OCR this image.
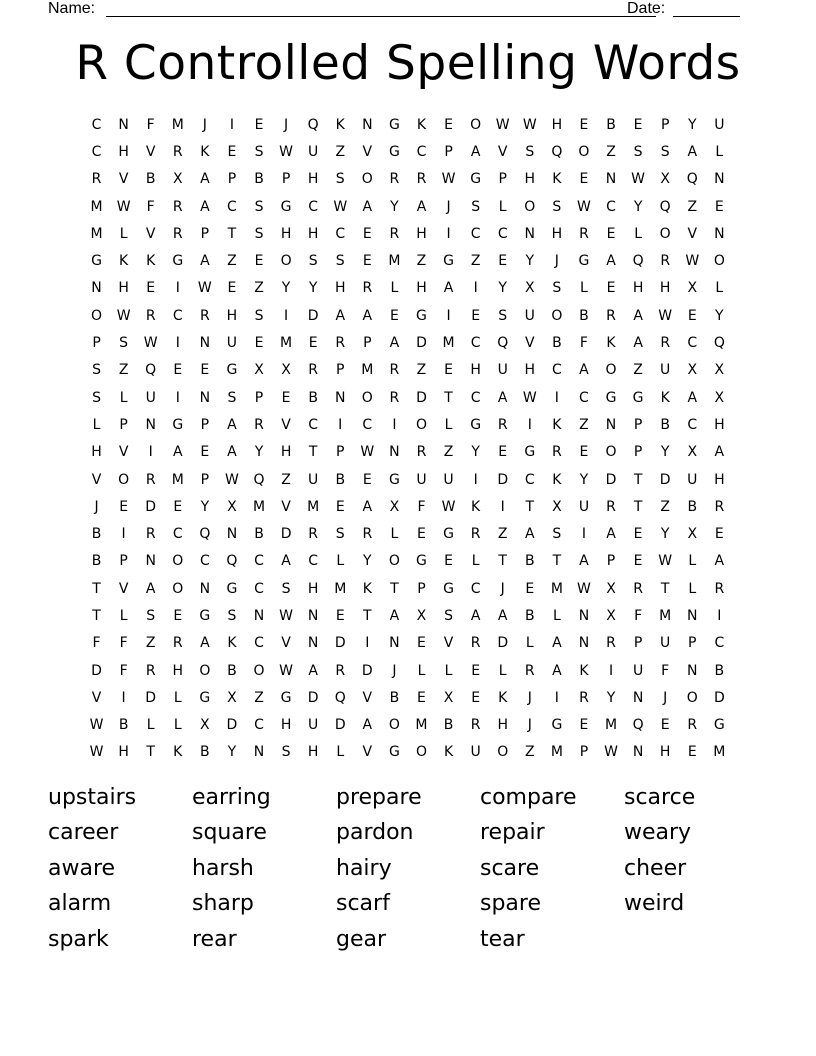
Name:	Date:
R Controlled Spelling Words
C	N	F	M	J	I	E	J	Q	K	N	G	K	E	O	W W	H	E	B	E	P	Y	U
C	H	V	R	K	E	S	W	U	Z	V	G	C	P	A	V	S	Q	O	Z	S	S	A	L
R	V	B	X	A	P	B	P	H	S	O	R	R	W	G	P	H	K	E	N	W	X	Q	N
M	W	F	R	A	C	S	G	C	W	A	Y	A	J	S	L	O	S	W	C	Y	Q	Z	E
M	L	V	R	P	T	S	H	H	C	E	R	H	I	C	C	N	H	R	E	L	O	V	N
G	K	K	G	A	Z	E	O	S	S	E	M	Z	G	Z	E	Y	J	G	A	Q	R	W	O
N	H	E	I	W	E	Z	Y	Y	H	R	L	H	A	I	Y	X	S	L	E	H	H	X	L
O	W	R	C	R	H	S	I	D	A	A	E	G	I	E	S	U	O	B	R	A	W	E	Y
P	S	W	I	N	U	E	M	E	R	P	A	D	M	C	Q	V	B	F	K	A	R	C	Q
S	Z	Q	E	E	G	X	X	R	P	M	R	Z	E	H	U	H	C	A	O	Z	U	X	X
S	L	U	I	N	S	P	E	B	N	O	R	D	T	C	A	W	I	C	G	G	K	A	X
L	P	N	G	P	A	R	V	C	I	C	I	O	L	G	R	I	K	Z	N	P	B	C	H
H	V	I	A	E	A	Y	H	T	P	W	N	R	Z	Y	E	G	R	E	O	P	Y	X	A
V	O	R	M	P	W	Q	Z	U	B	E	G	U	U	I	D	C	K	Y	D	T	D	U	H
J	E	D	E	Y	X	M	V	M	E	A	X	F	W	K	I	T	X	U	R	T	Z	B	R
B	I	R	C	Q	N	B	D	R	S	R	L	E	G	R	Z	A	S	I	A	E	Y	X	E
B	P	N	O	C	Q	C	A	C	L	Y	O	G	E	L	T	B	T	A	P	E	W	L	A
T	V	A	O	N	G	C	S	H	M	K	T	P	G	C	J	E	M	W	X	R	T	L	R
T	L	S	E	G	S	N	W	N	E	T	A	X	S	A	A	B	L	N	X	F	M	N	I
F	F	Z	R	A	K	C	V	N	D	I	N	E	V	R	D	L	A	N	R	P	U	P	C
D	F	R	H	O	B	O	W	A	R	D	J	L	L	E	L	R	A	K	I	U	F	N	B
V	I	D	L	G	X	Z	G	D	Q	V	B	E	X	E	K	J	I	R	Y	N	J	O	D
W	B	L	L	X	D	C	H	U	D	A	O	M	B	R	H	J	G	E	M	Q	E	R	G
W	H	T	K	B	Y	N	S	H	L	V	G	O	K	U	O	Z	M	P	W	N	H	E	M
upstairs	earring	prepare	compare	scarce
career	square	pardon	repair	weary
aware	harsh	hairy	scare	cheer
alarm	sharp	scarf	spare	weird
spark	rear	gear	tear
